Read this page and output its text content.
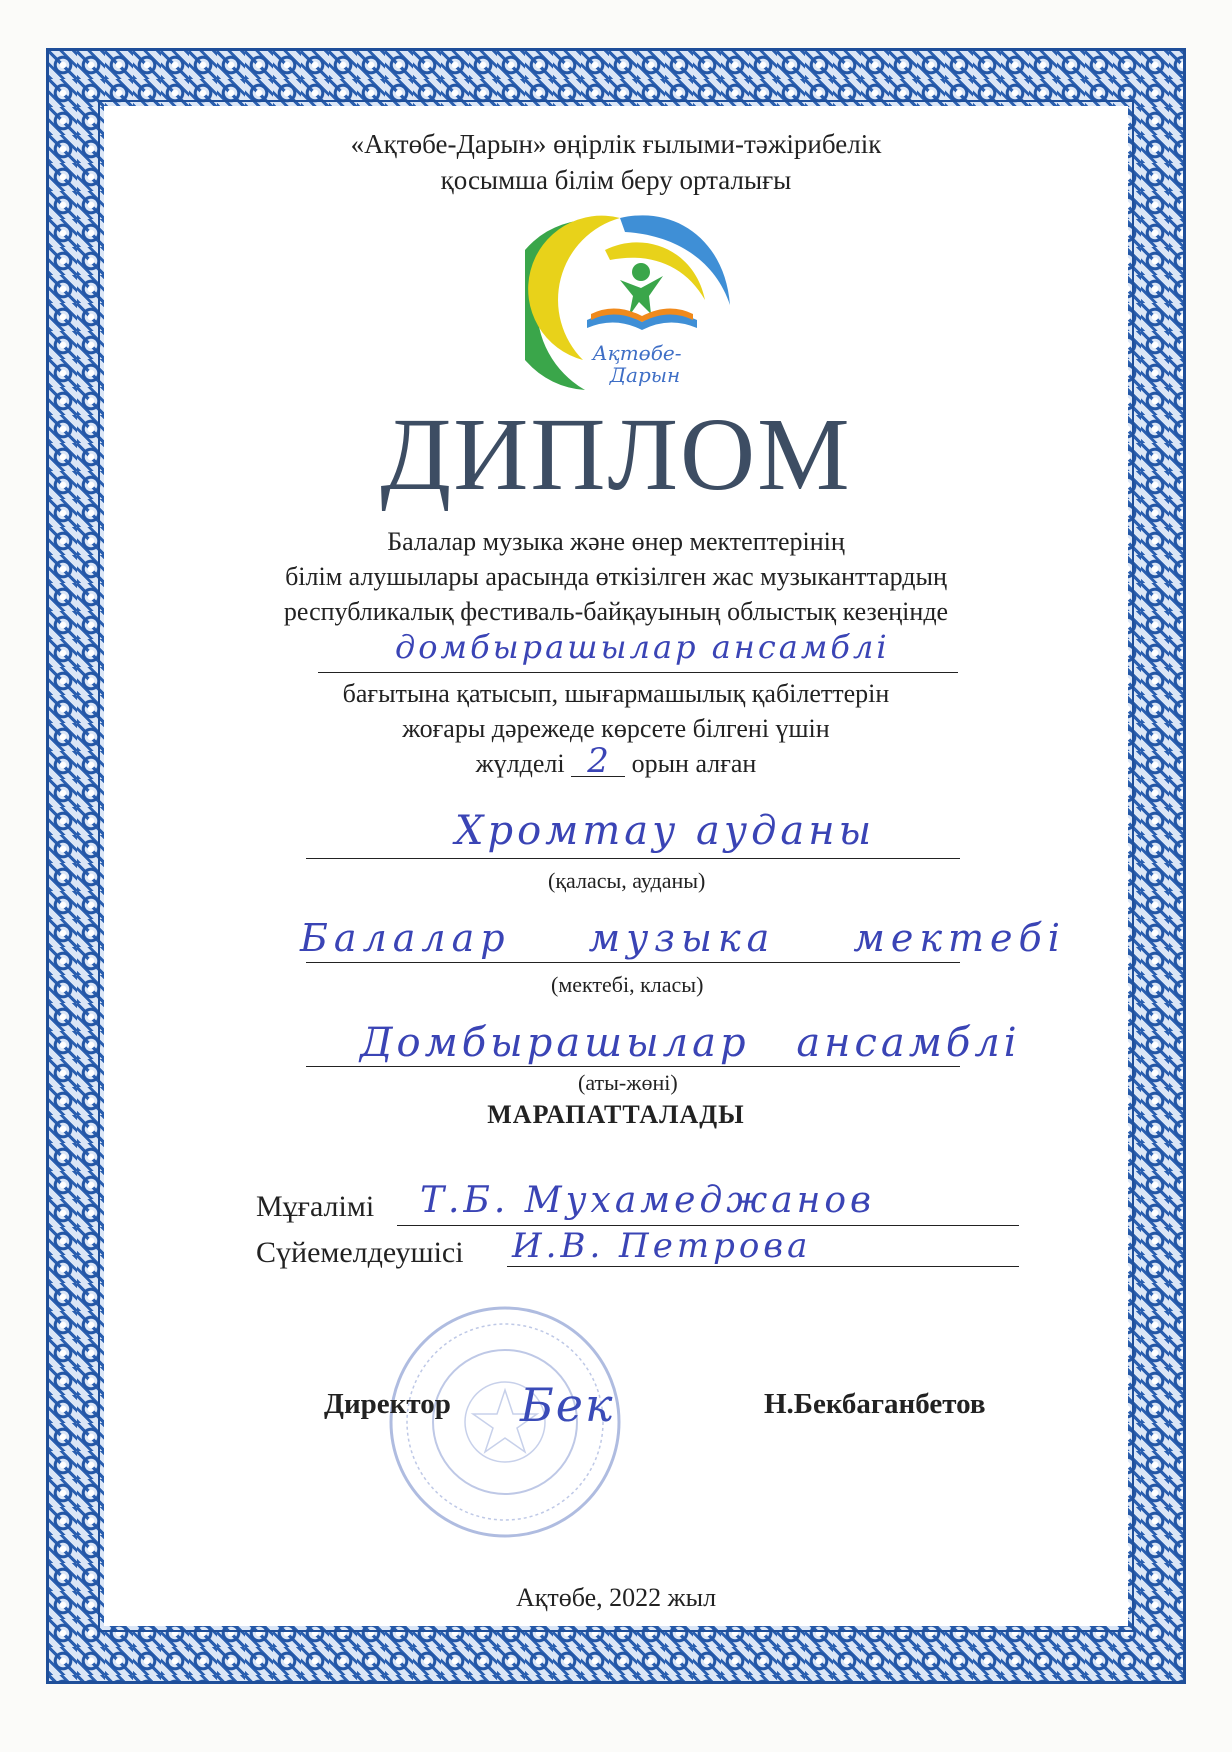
«Ақтөбе-Дарын» өңірлік ғылыми-тәжірибелік
қосымша білім беру орталығы
Ақтөбе-
Дарын
ДИПЛОМ
Балалар музыка және өнер мектептерінің
білім алушылары арасында өткізілген жас музыканттардың
республикалық фестиваль-байқауының облыстық кезеңінде
домбырашылар ансамблі
бағытына қатысып, шығармашылық қабілеттерін
жоғары дәрежеде көрсете білгені үшін
жүлделі 2 орын алған
Хромтау ауданы
(қаласы, ауданы)
Балалар музыка мектебі
(мектебі, класы)
Домбырашылар ансамблі
(аты-жөні)
МАРАПАТТАЛАДЫ
Мұғалімі Т.Б. Мухамеджанов
Сүйемелдеушісі И.В. Петрова
Директор Бек	Н.Бекбаганбетов
Ақтөбе, 2022 жыл
